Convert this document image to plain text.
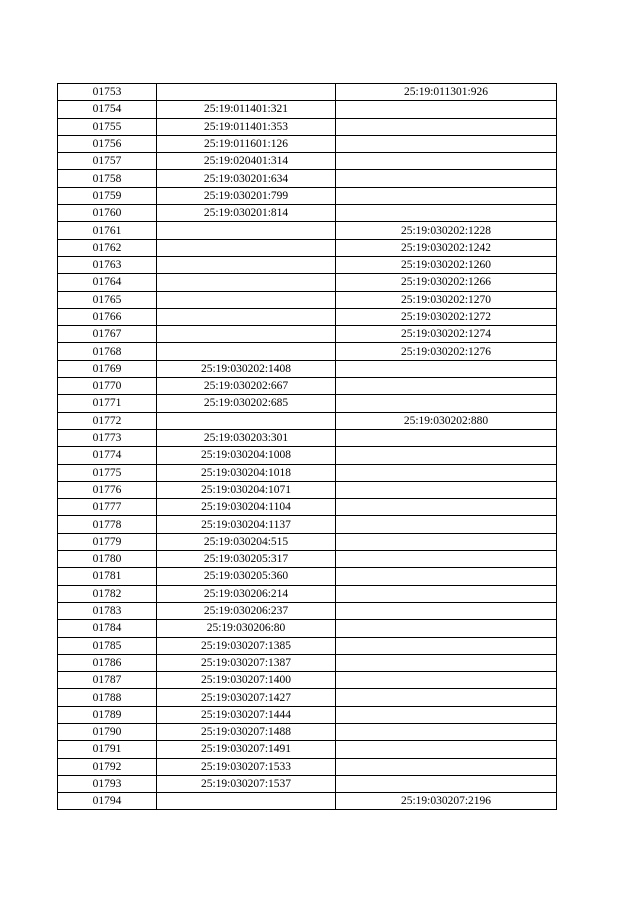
01753		25:19:011301:926
01754	25:19:011401:321	
01755	25:19:011401:353	
01756	25:19:011601:126	
01757	25:19:020401:314	
01758	25:19:030201:634	
01759	25:19:030201:799	
01760	25:19:030201:814	
01761		25:19:030202:1228
01762		25:19:030202:1242
01763		25:19:030202:1260
01764		25:19:030202:1266
01765		25:19:030202:1270
01766		25:19:030202:1272
01767		25:19:030202:1274
01768		25:19:030202:1276
01769	25:19:030202:1408	
01770	25:19:030202:667	
01771	25:19:030202:685	
01772		25:19:030202:880
01773	25:19:030203:301	
01774	25:19:030204:1008	
01775	25:19:030204:1018	
01776	25:19:030204:1071	
01777	25:19:030204:1104	
01778	25:19:030204:1137	
01779	25:19:030204:515	
01780	25:19:030205:317	
01781	25:19:030205:360	
01782	25:19:030206:214	
01783	25:19:030206:237	
01784	25:19:030206:80	
01785	25:19:030207:1385	
01786	25:19:030207:1387	
01787	25:19:030207:1400	
01788	25:19:030207:1427	
01789	25:19:030207:1444	
01790	25:19:030207:1488	
01791	25:19:030207:1491	
01792	25:19:030207:1533	
01793	25:19:030207:1537	
01794		25:19:030207:2196
